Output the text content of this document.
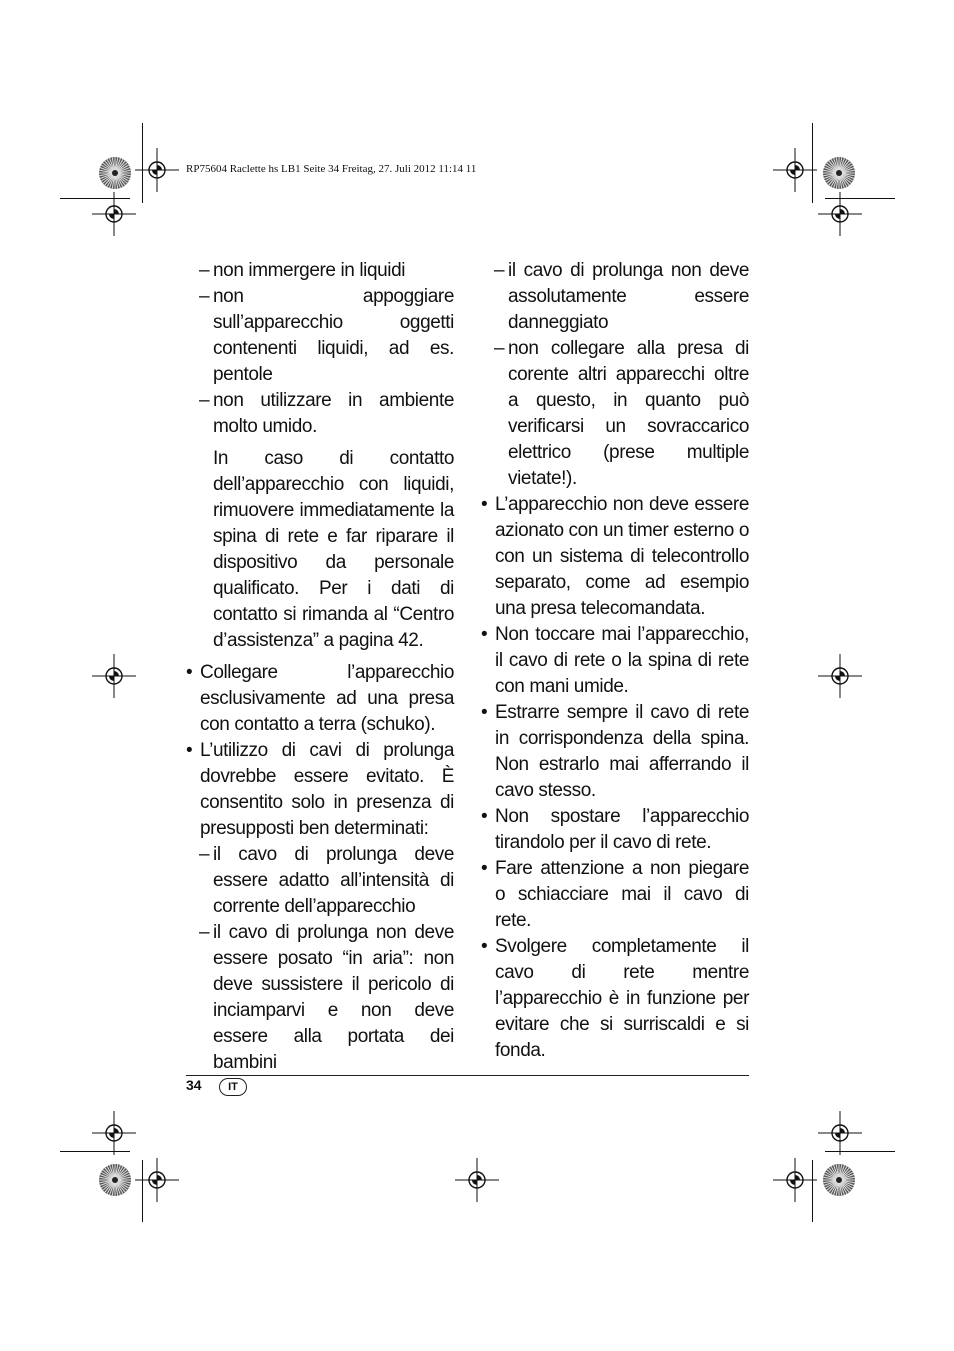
RP75604 Raclette hs LB1 Seite 34 Freitag, 27. Juli 2012 11:14 11
– non immergere in liquidi
– non appoggiare sull’apparecchio oggetti contenenti liquidi, ad es. pentole
– non utilizzare in ambiente molto umido.
In caso di contatto dell’apparecchio con liquidi, rimuovere immediatamente la spina di rete e far riparare il dispositivo da personale qualificato. Per i dati di contatto si rimanda al “Centro d’assistenza” a pagina 42.
• Collegare l’apparecchio esclusivamente ad una presa con contatto a terra (schuko).
• L’utilizzo di cavi di prolunga dovrebbe essere evitato. È consentito solo in presenza di presupposti ben determinati:
– il cavo di prolunga deve essere adatto all’intensità di corrente dell’apparecchio
– il cavo di prolunga non deve essere posato “in aria”: non deve sussistere il pericolo di inciamparvi e non deve essere alla portata dei bambini
– il cavo di prolunga non deve assolutamente essere danneggiato
– non collegare alla presa di corente altri apparecchi oltre a questo, in quanto può verificarsi un sovraccarico elettrico (prese multiple vietate!).
• L’apparecchio non deve essere azionato con un timer esterno o con un sistema di telecontrollo separato, come ad esempio una presa telecomandata.
• Non toccare mai l’apparecchio, il cavo di rete o la spina di rete con mani umide.
• Estrarre sempre il cavo di rete in corrispondenza della spina. Non estrarlo mai afferrando il cavo stesso.
• Non spostare l’apparecchio tirandolo per il cavo di rete.
• Fare attenzione a non piegare o schiacciare mai il cavo di rete.
• Svolgere completamente il cavo di rete mentre l’apparecchio è in funzione per evitare che si surriscaldi e si fonda.
34	IT
